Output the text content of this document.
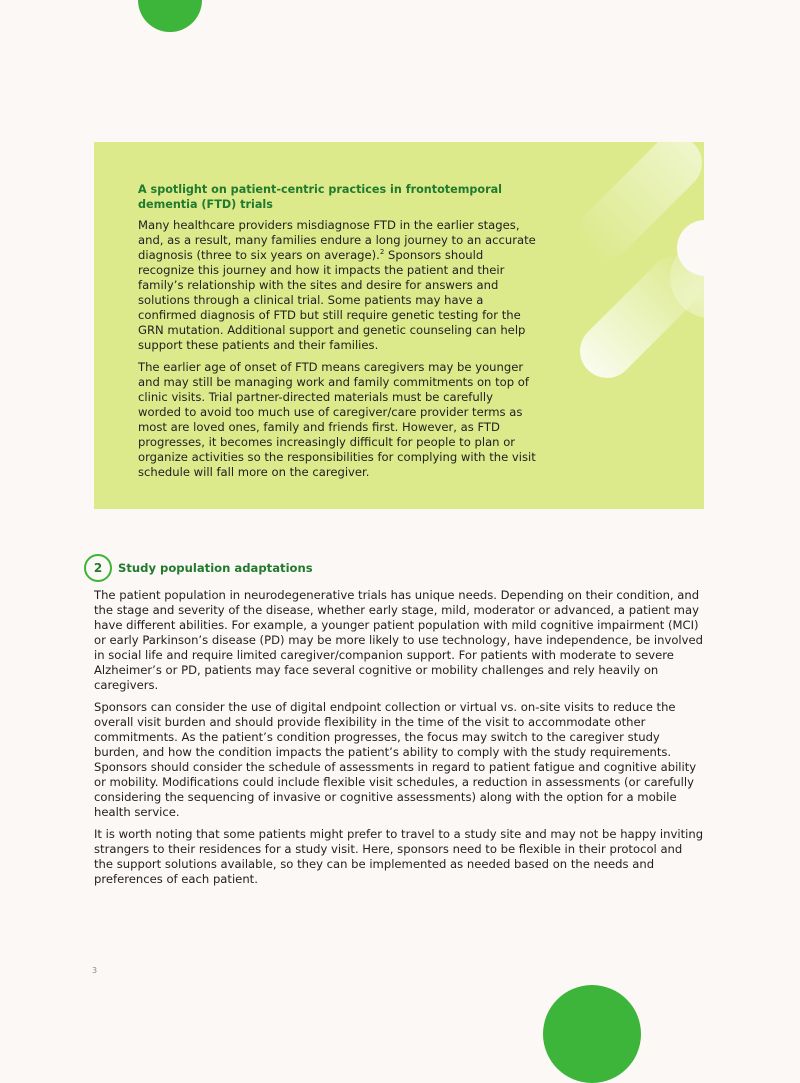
A spotlight on patient-centric practices in frontotemporal dementia (FTD) trials

Many healthcare providers misdiagnose FTD in the earlier stages, and, as a result, many families endure a long journey to an accurate diagnosis (three to six years on average).$^2$ Sponsors should recognize this journey and how it impacts the patient and their family’s relationship with the sites and desire for answers and solutions through a clinical trial. Some patients may have a confirmed diagnosis of FTD but still require genetic testing for the GRN mutation. Additional support and genetic counseling can help support these patients and their families.

The earlier age of onset of FTD means caregivers may be younger and may still be managing work and family commitments on top of clinic visits. Trial partner-directed materials must be carefully worded to avoid too much use of caregiver/care provider terms as most are loved ones, family and friends first. However, as FTD progresses, it becomes increasingly difficult for people to plan or organize activities so the responsibilities for complying with the visit schedule will fall more on the caregiver.

2	Study population adaptations

The patient population in neurodegenerative trials has unique needs. Depending on their condition, and the stage and severity of the disease, whether early stage, mild, moderator or advanced, a patient may have different abilities. For example, a younger patient population with mild cognitive impairment (MCI) or early Parkinson’s disease (PD) may be more likely to use technology, have independence, be involved in social life and require limited caregiver/companion support. For patients with moderate to severe Alzheimer’s or PD, patients may face several cognitive or mobility challenges and rely heavily on caregivers.

Sponsors can consider the use of digital endpoint collection or virtual vs. on-site visits to reduce the overall visit burden and should provide flexibility in the time of the visit to accommodate other commitments. As the patient’s condition progresses, the focus may switch to the caregiver study burden, and how the condition impacts the patient’s ability to comply with the study requirements. Sponsors should consider the schedule of assessments in regard to patient fatigue and cognitive ability or mobility. Modifications could include flexible visit schedules, a reduction in assessments (or carefully considering the sequencing of invasive or cognitive assessments) along with the option for a mobile health service.

It is worth noting that some patients might prefer to travel to a study site and may not be happy inviting strangers to their residences for a study visit. Here, sponsors need to be flexible in their protocol and the support solutions available, so they can be implemented as needed based on the needs and preferences of each patient.

3
